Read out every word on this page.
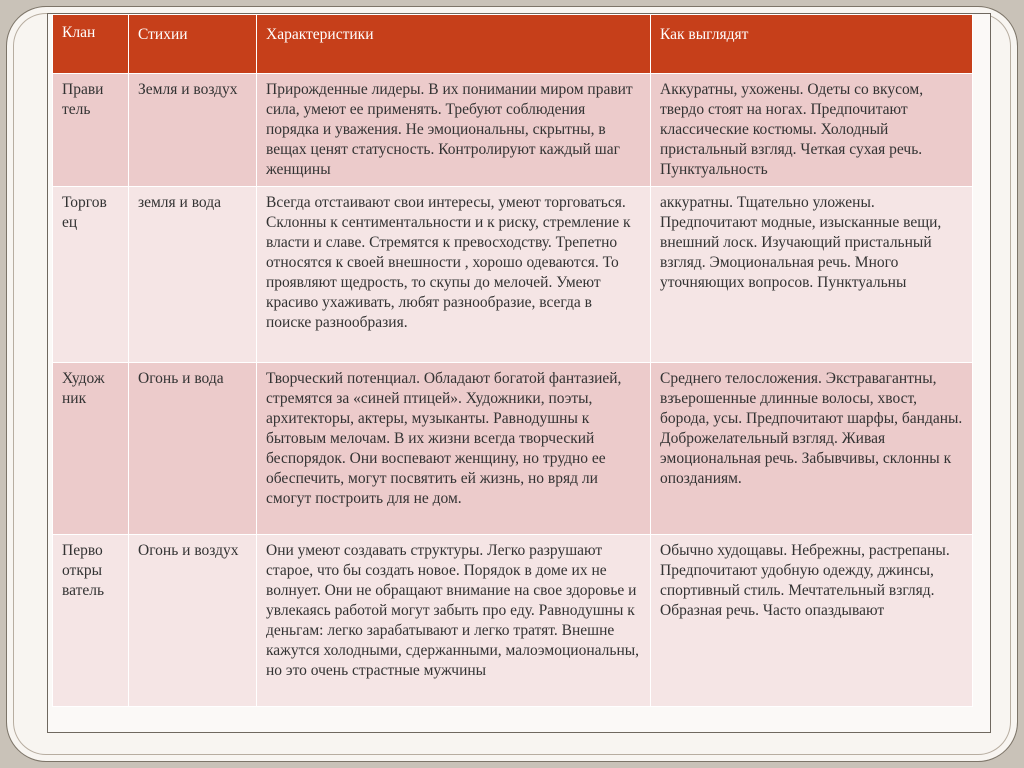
Клан	Стихии	Характеристики	Как выглядят
Прави тель	Земля и воздух	Прирожденные лидеры. В их понимании миром правит сила, умеют ее применять. Требуют соблюдения порядка и уважения. Не эмоциональны, скрытны, в вещах ценят статусность. Контролируют каждый шаг женщины	Аккуратны, ухожены. Одеты со вкусом, твердо стоят на ногах. Предпочитают классические костюмы. Холодный пристальный взгляд. Четкая сухая речь. Пунктуальность
Торгов ец	земля и вода	Всегда отстаивают свои интересы, умеют торговаться. Склонны к сентиментальности и к риску, стремление к власти и славе. Стремятся к превосходству. Трепетно относятся к своей внешности , хорошо одеваются. То проявляют щедрость, то скупы до мелочей. Умеют красиво ухаживать, любят разнообразие, всегда в поиске разнообразия.	аккуратны. Тщательно уложены. Предпочитают модные, изысканные вещи, внешний лоск. Изучающий пристальный взгляд. Эмоциональная речь. Много уточняющих вопросов. Пунктуальны
Худож ник	Огонь и вода	Творческий потенциал. Обладают богатой фантазией, стремятся за «синей птицей». Художники, поэты, архитекторы, актеры, музыканты. Равнодушны к бытовым мелочам. В их жизни всегда творческий беспорядок. Они воспевают женщину, но трудно ее обеспечить, могут посвятить ей жизнь, но вряд ли смогут построить для не дом.	Среднего телосложения. Экстравагантны, взъерошенные длинные волосы, хвост, борода, усы. Предпочитают шарфы, банданы. Доброжелательный взгляд. Живая эмоциональная речь. Забывчивы, склонны к опозданиям.
Перво откры ватель	Огонь и воздух	Они умеют создавать структуры. Легко разрушают старое, что бы создать новое. Порядок в доме их не волнует. Они не обращают внимание на свое здоровье и увлекаясь работой могут забыть про еду. Равнодушны к деньгам: легко зарабатывают и легко тратят. Внешне кажутся холодными, сдержанными, малоэмоциональны, но это очень страстные мужчины	Обычно худощавы. Небрежны, растрепаны. Предпочитают удобную одежду, джинсы, спортивный стиль. Мечтательный взгляд. Образная речь. Часто опаздывают
